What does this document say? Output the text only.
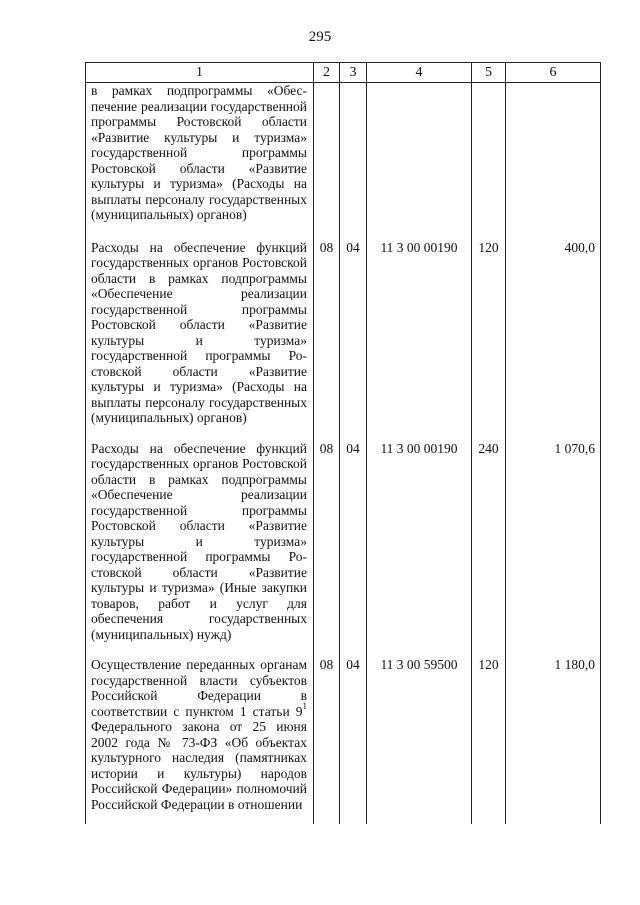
295
1	2	3	4	5	6
в рамках подпрограммы «Обеспечение реализации государственной программы Ростовской области «Развитие культуры и туризма» государственной программы Ростовской области «Развитие культуры и туризма» (Расходы на выплаты персоналу государственных (муниципальных) органов)					
Расходы на обеспечение функций государственных органов Ростовской области в рамках подпрограммы «Обеспечение реализации государственной программы Ростовской области «Развитие культуры и туризма» государственной программы Ростовской области «Развитие культуры и туризма» (Расходы на выплаты персоналу государственных (муниципальных) органов)	08	04	11 3 00 00190	120	400,0
Расходы на обеспечение функций государственных органов Ростовской области в рамках подпрограммы «Обеспечение реализации государственной программы Ростовской области «Развитие культуры и туризма» государственной программы Ростовской области «Развитие культуры и туризма» (Иные закупки товаров, работ и услуг для обеспечения государственных (муниципальных) нужд)	08	04	11 3 00 00190	240	1 070,6
Осуществление переданных органам государственной власти субъектов Российской Федерации в соответствии с пунктом 1 статьи $9^1$ Федерального закона от 25 июня 2002 года № 73-ФЗ «Об объектах культурного наследия (памятниках истории и культуры) народов Российской Федерации» полномочий Российской Федерации в отношении	08	04	11 3 00 59500	120	1 180,0
